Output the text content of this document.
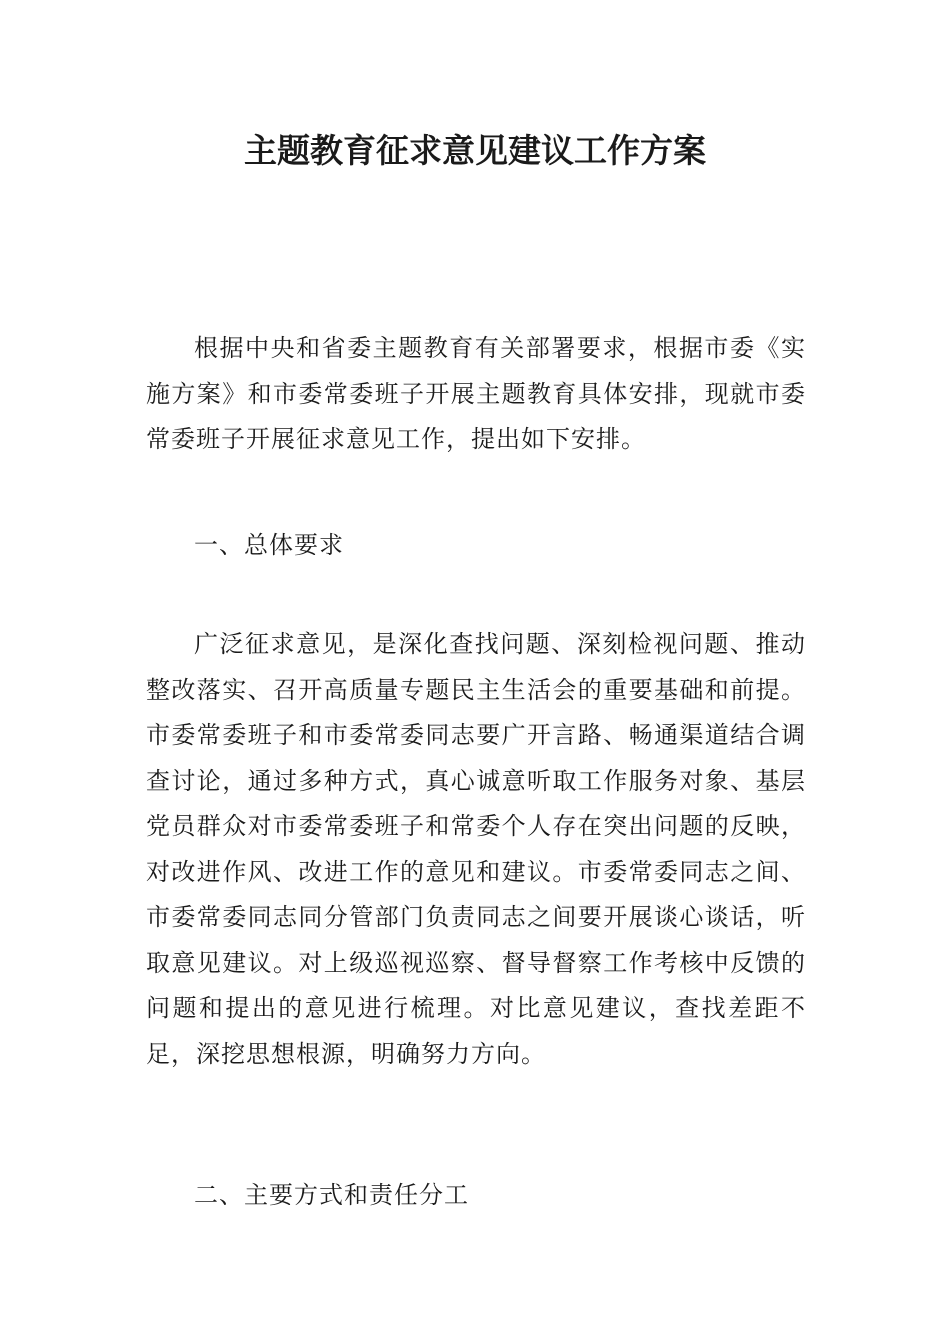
主题教育征求意见建议工作方案

根据中央和省委主题教育有关部署要求，根据市委《实施方案》和市委常委班子开展主题教育具体安排，现就市委常委班子开展征求意见工作，提出如下安排。

一、总体要求

广泛征求意见，是深化查找问题、深刻检视问题、推动整改落实、召开高质量专题民主生活会的重要基础和前提。市委常委班子和市委常委同志要广开言路、畅通渠道结合调查讨论，通过多种方式，真心诚意听取工作服务对象、基层党员群众对市委常委班子和常委个人存在突出问题的反映，对改进作风、改进工作的意见和建议。市委常委同志之间、市委常委同志同分管部门负责同志之间要开展谈心谈话，听取意见建议。对上级巡视巡察、督导督察工作考核中反馈的问题和提出的意见进行梳理。对比意见建议，查找差距不足，深挖思想根源，明确努力方向。

二、主要方式和责任分工
